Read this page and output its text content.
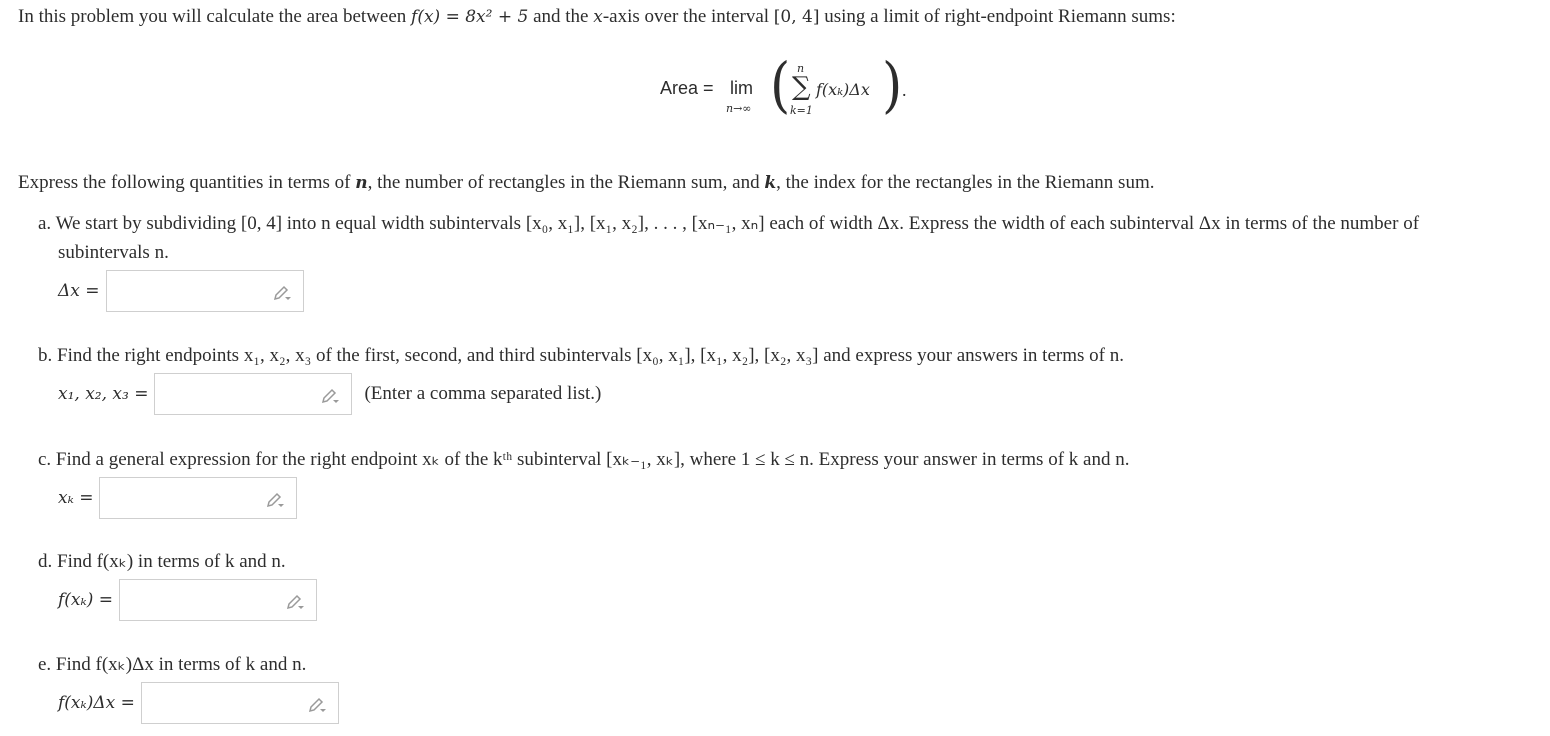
In this problem you will calculate the area between f(x) = 8x² + 5 and the x-axis over the interval [0, 4] using a limit of right-endpoint Riemann sums:
Area = lim
n→∞ ( n
∑
k=1
f(xₖ)Δx ) .
Express the following quantities in terms of n, the number of rectangles in the Riemann sum, and k, the index for the rectangles in the Riemann sum.
a. We start by subdividing [0, 4] into n equal width subintervals [x₀, x₁], [x₁, x₂], . . . , [xₙ₋₁, xₙ] each of width Δx. Express the width of each subinterval Δx in terms of the number of
subintervals n.
Δx =
b. Find the right endpoints x₁, x₂, x₃ of the first, second, and third subintervals [x₀, x₁], [x₁, x₂], [x₂, x₃] and express your answers in terms of n.
x₁, x₂, x₃ =	(Enter a comma separated list.)
c. Find a general expression for the right endpoint xₖ of the kᵗʰ subinterval [xₖ₋₁, xₖ], where 1 ≤ k ≤ n. Express your answer in terms of k and n.
xₖ =
d. Find f(xₖ) in terms of k and n.
f(xₖ) =
e. Find f(xₖ)Δx in terms of k and n.
f(xₖ)Δx =
